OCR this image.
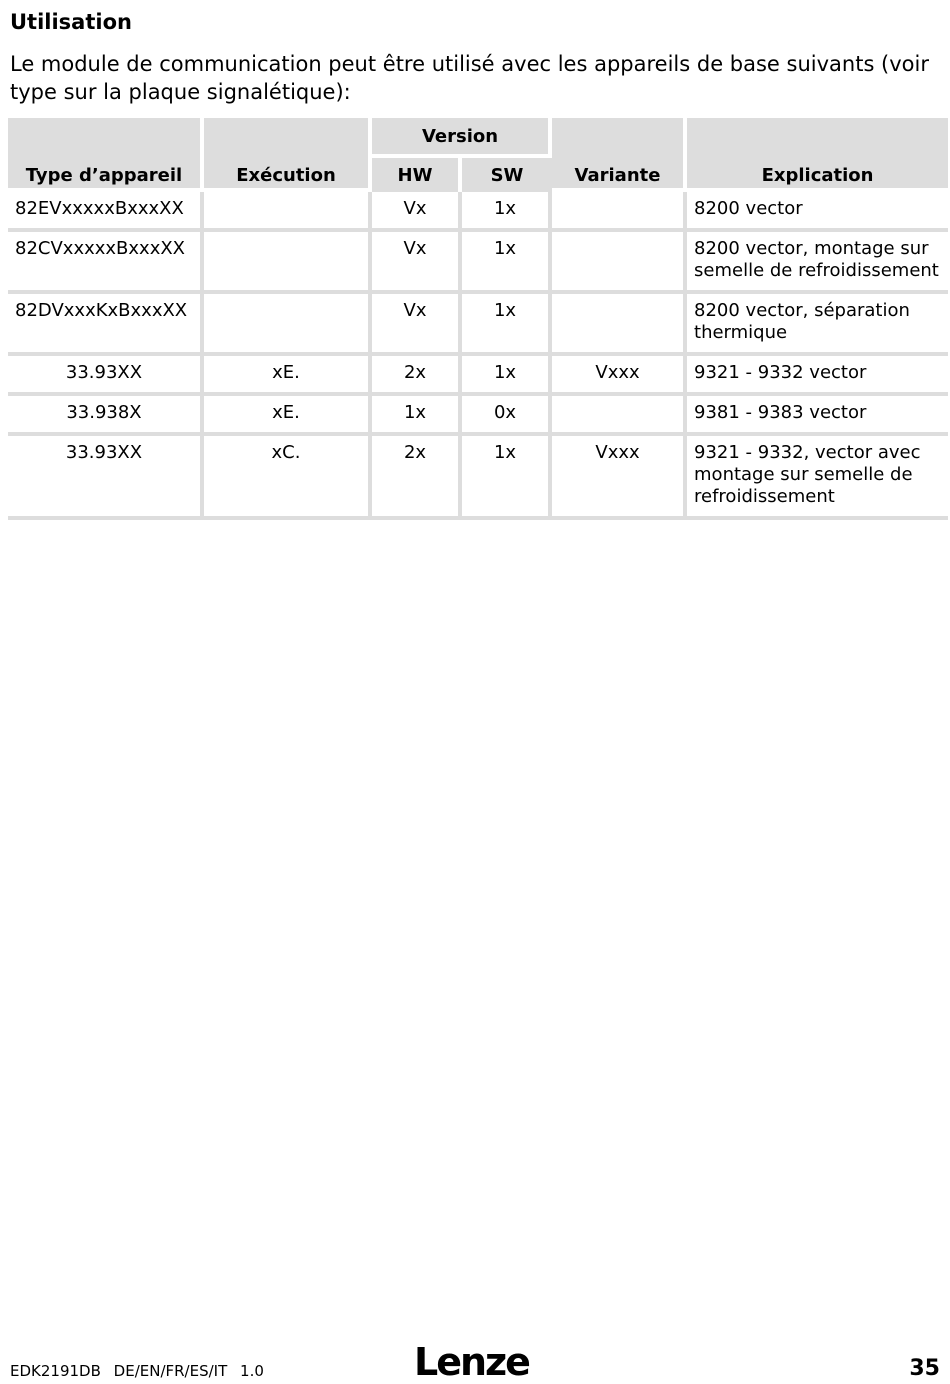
Utilisation

Le module de communication peut être utilisé avec les appareils de base suivants (voir type sur la plaque signalétique):

Type d’appareil	Exécution	Version		Variante	Explication
		HW	SW		
82EVxxxxxBxxxXX		Vx	1x		8200 vector
82CVxxxxxBxxxXX		Vx	1x		8200 vector, montage sur semelle de refroidissement
82DVxxxKxBxxxXX		Vx	1x		8200 vector, séparation thermique
33.93XX	xE.	2x	1x	Vxxx	9321 - 9332 vector
33.938X	xE.	1x	0x		9381 - 9383 vector
33.93XX	xC.	2x	1x	Vxxx	9321 - 9332, vector avec montage sur semelle de refroidissement
EDK2191DB DE/EN/FR/ES/IT 1.0	Lenze	35
